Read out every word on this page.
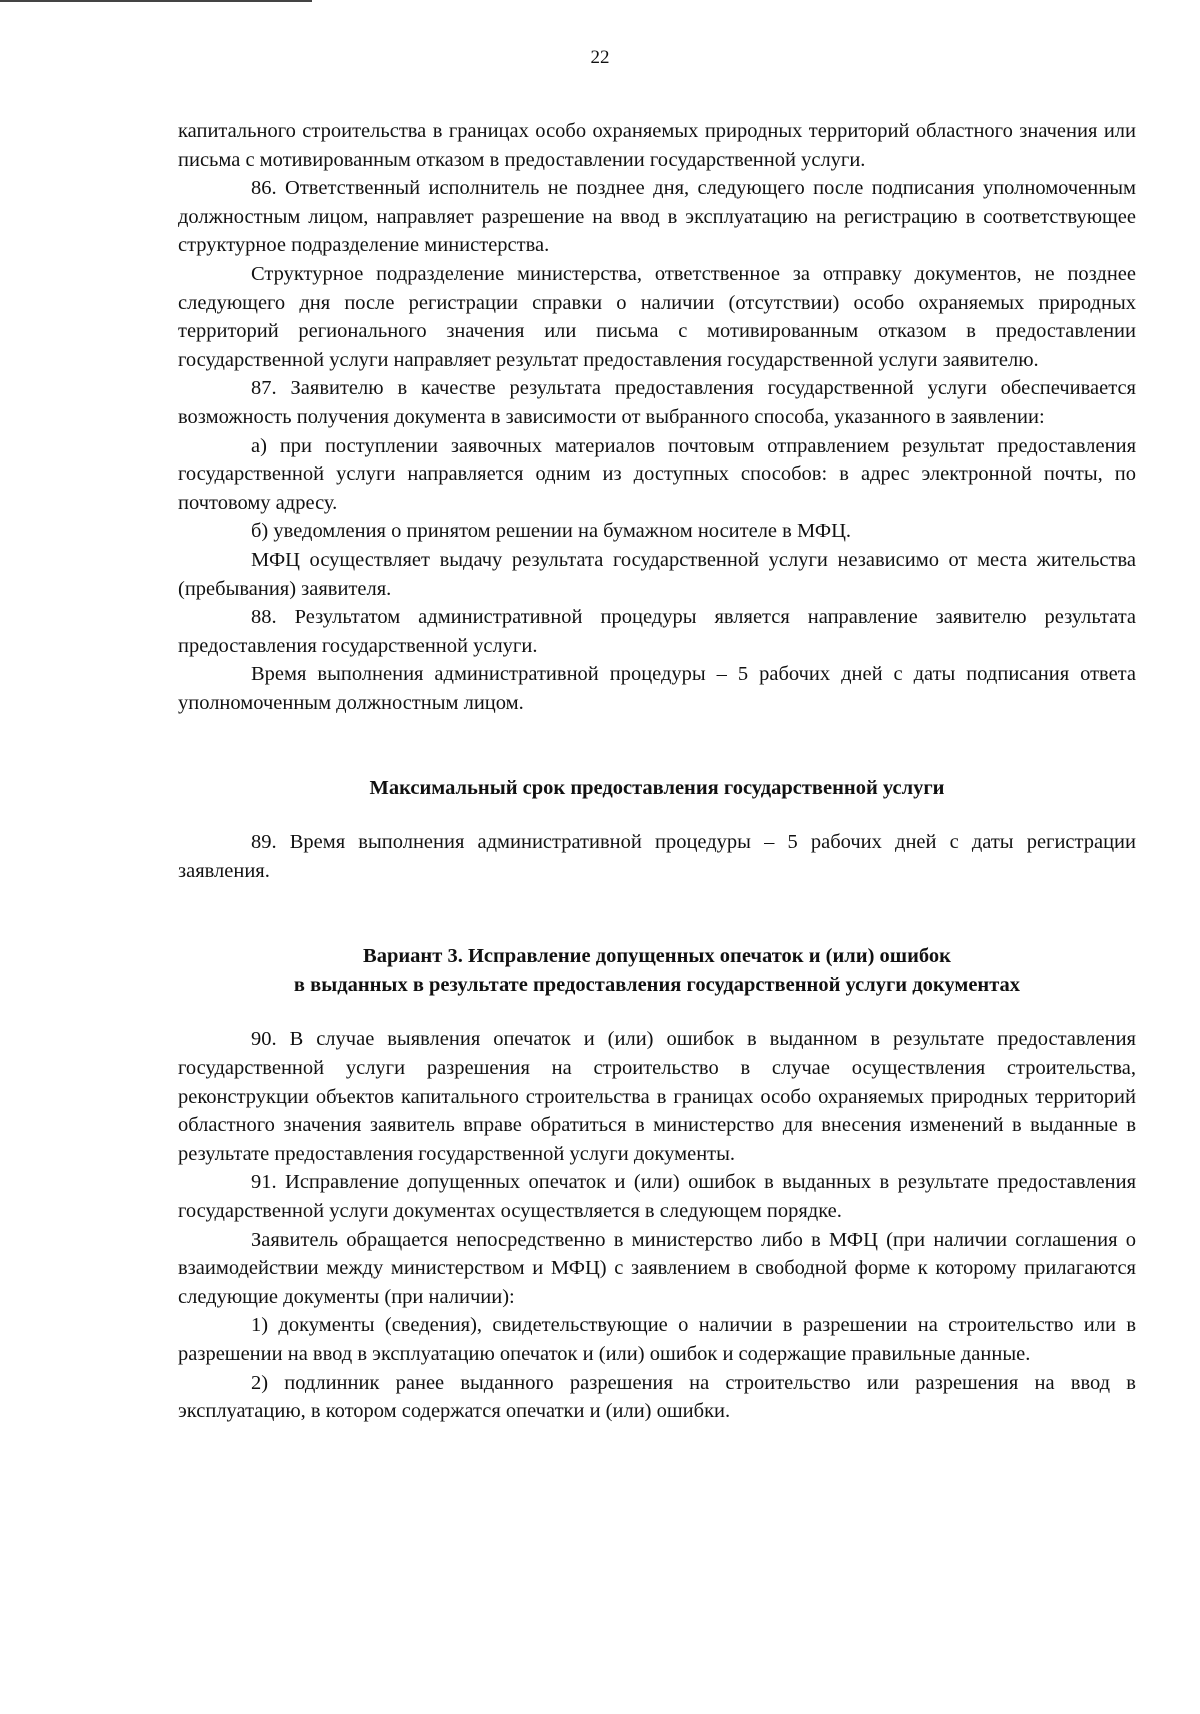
22

капитального строительства в границах особо охраняемых природных территорий областного значения или письма с мотивированным отказом в предоставлении государственной услуги.

86. Ответственный исполнитель не позднее дня, следующего после подписания уполномоченным должностным лицом, направляет разрешение на ввод в эксплуатацию на регистрацию в соответствующее структурное подразделение министерства.

Структурное подразделение министерства, ответственное за отправку документов, не позднее следующего дня после регистрации справки о наличии (отсутствии) особо охраняемых природных территорий регионального значения или письма с мотивированным отказом в предоставлении государственной услуги направляет результат предоставления государственной услуги заявителю.

87. Заявителю в качестве результата предоставления государственной услуги обеспечивается возможность получения документа в зависимости от выбранного способа, указанного в заявлении:

а) при поступлении заявочных материалов почтовым отправлением результат предоставления государственной услуги направляется одним из доступных способов: в адрес электронной почты, по почтовому адресу.

б) уведомления о принятом решении на бумажном носителе в МФЦ.

МФЦ осуществляет выдачу результата государственной услуги независимо от места жительства (пребывания) заявителя.

88. Результатом административной процедуры является направление заявителю результата предоставления государственной услуги.

Время выполнения административной процедуры – 5 рабочих дней с даты подписания ответа уполномоченным должностным лицом.

Максимальный срок предоставления государственной услуги

89. Время выполнения административной процедуры – 5 рабочих дней с даты регистрации заявления.

Вариант 3. Исправление допущенных опечаток и (или) ошибок
в выданных в результате предоставления государственной услуги документах

90. В случае выявления опечаток и (или) ошибок в выданном в результате предоставления государственной услуги разрешения на строительство в случае осуществления строительства, реконструкции объектов капитального строительства в границах особо охраняемых природных территорий областного значения заявитель вправе обратиться в министерство для внесения изменений в выданные в результате предоставления государственной услуги документы.

91. Исправление допущенных опечаток и (или) ошибок в выданных в результате предоставления государственной услуги документах осуществляется в следующем порядке.

Заявитель обращается непосредственно в министерство либо в МФЦ (при наличии соглашения о взаимодействии между министерством и МФЦ) с заявлением в свободной форме к которому прилагаются следующие документы (при наличии):

1) документы (сведения), свидетельствующие о наличии в разрешении на строительство или в разрешении на ввод в эксплуатацию опечаток и (или) ошибок и содержащие правильные данные.

2) подлинник ранее выданного разрешения на строительство или разрешения на ввод в эксплуатацию, в котором содержатся опечатки и (или) ошибки.
